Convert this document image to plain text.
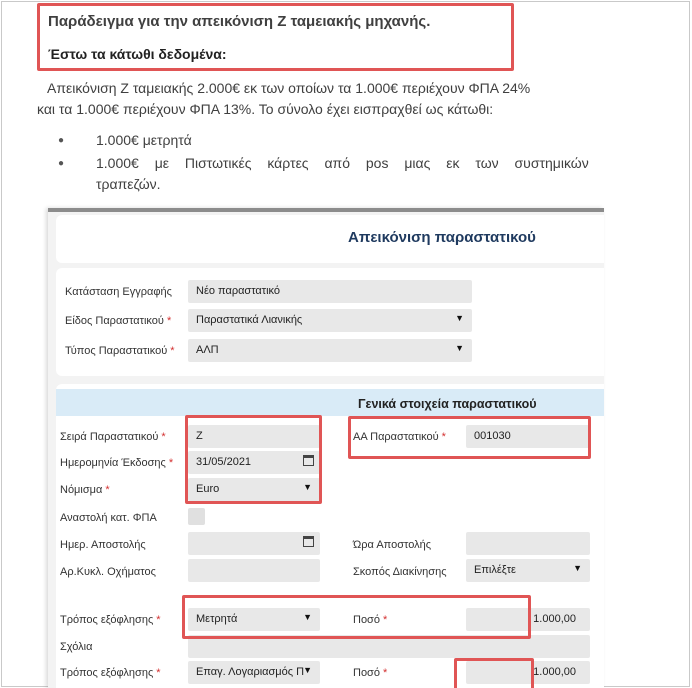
Παράδειγμα για την απεικόνιση Ζ ταμειακής μηχανής.
Έστω τα κάτωθι δεδομένα:
Απεικόνιση Ζ ταμειακής 2.000€ εκ των οποίων τα 1.000€ περιέχουν ΦΠΑ 24%
και τα 1.000€ περιέχουν ΦΠΑ 13%. Το σύνολο έχει εισπραχθεί ως κάτωθι:
● 1.000€ μετρητά
● 1.000€ με Πιστωτικές κάρτες από pos μιας εκ των συστημικών
τραπεζών.
Απεικόνιση παραστατικού
Κατάσταση Εγγραφής	Νέο παραστατικό
Είδος Παραστατικού *	Παραστατικά Λιανικής	▼
Τύπος Παραστατικού *	ΑΛΠ	▼
Γενικά στοιχεία παραστατικού
Σειρά Παραστατικού *	Ζ	ΑΑ Παραστατικού *	001030
Ημερομηνία Έκδοσης *	31/05/2021
Νόμισμα *	Euro	▼
Αναστολή κατ. ΦΠΑ
Ημερ. Αποστολής	Ώρα Αποστολής
Αρ.Κυκλ. Οχήματος	Σκοπός Διακίνησης	Επιλέξτε	▼
Τρόπος εξόφλησης *	Μετρητά	▼	Ποσό *	1.000,00
Σχόλια
Τρόπος εξόφλησης *	Επαγ. Λογαριασμός Π ▼	Ποσό *	1.000,00
